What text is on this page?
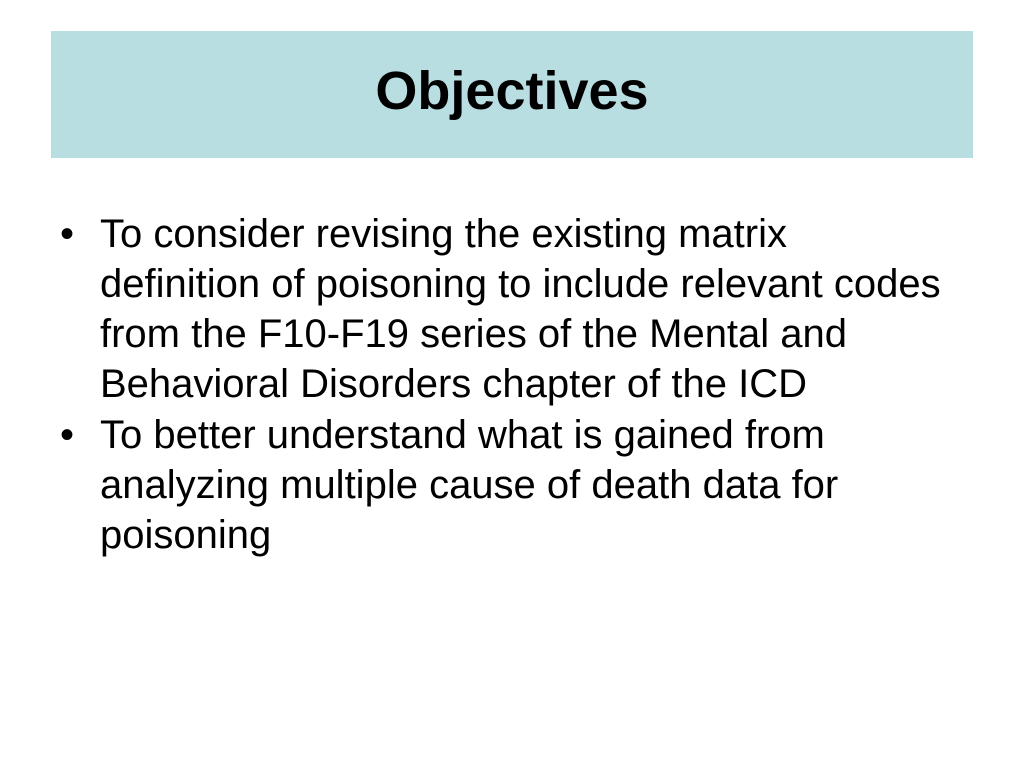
Objectives
• To consider revising the existing matrix definition of poisoning to include relevant codes from the F10-F19 series of the Mental and Behavioral Disorders chapter of the ICD
• To better understand what is gained from analyzing multiple cause of death data for poisoning
